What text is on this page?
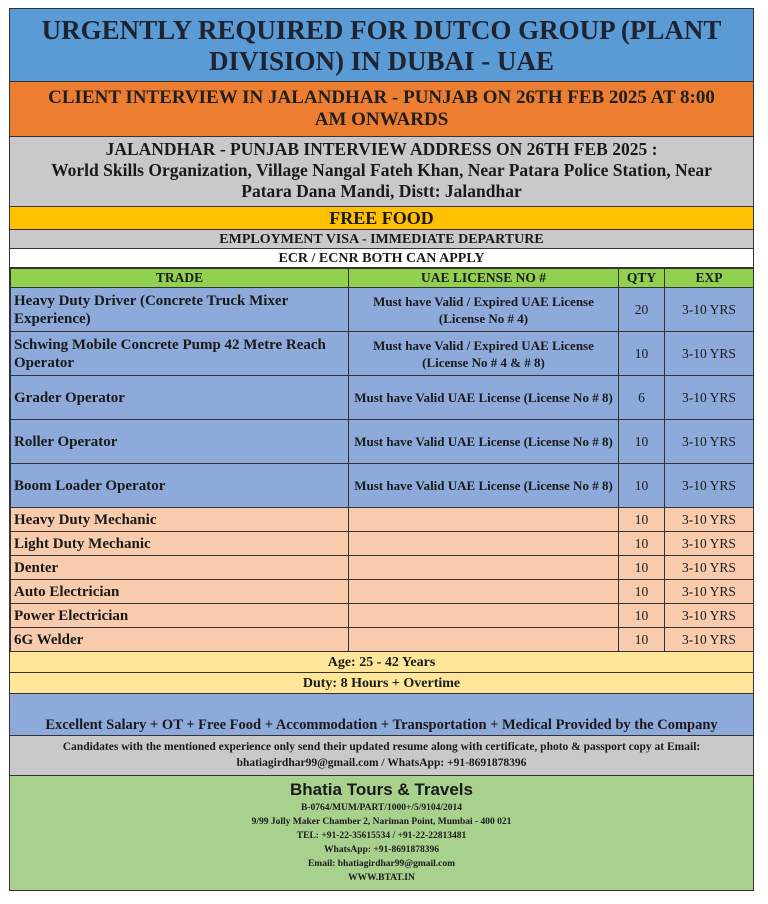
URGENTLY REQUIRED FOR DUTCO GROUP (PLANT
DIVISION) IN DUBAI - UAE
CLIENT INTERVIEW IN JALANDHAR - PUNJAB ON 26TH FEB 2025 AT 8:00
AM ONWARDS
JALANDHAR - PUNJAB INTERVIEW ADDRESS ON 26TH FEB 2025 :
World Skills Organization, Village Nangal Fateh Khan, Near Patara Police Station, Near
Patara Dana Mandi, Distt: Jalandhar
FREE FOOD
EMPLOYMENT VISA - IMMEDIATE DEPARTURE
ECR / ECNR BOTH CAN APPLY
TRADE	UAE LICENSE NO #	QTY	EXP
Heavy Duty Driver (Concrete Truck Mixer Experience)	Must have Valid / Expired UAE License (License No # 4)	20	3-10 YRS
Schwing Mobile Concrete Pump 42 Metre Reach Operator	Must have Valid / Expired UAE License (License No # 4 & # 8)	10	3-10 YRS
Grader Operator	Must have Valid UAE License (License No # 8)	6	3-10 YRS
Roller Operator	Must have Valid UAE License (License No # 8)	10	3-10 YRS
Boom Loader Operator	Must have Valid UAE License (License No # 8)	10	3-10 YRS
Heavy Duty Mechanic		10	3-10 YRS
Light Duty Mechanic		10	3-10 YRS
Denter		10	3-10 YRS
Auto Electrician		10	3-10 YRS
Power Electrician		10	3-10 YRS
6G Welder		10	3-10 YRS
Age: 25 - 42 Years
Duty: 8 Hours + Overtime
Excellent Salary + OT + Free Food + Accommodation + Transportation + Medical Provided by the Company
Candidates with the mentioned experience only send their updated resume along with certificate, photo & passport copy at Email:
bhatiagirdhar99@gmail.com / WhatsApp: +91-8691878396
Bhatia Tours & Travels
B-0764/MUM/PART/1000+/5/9104/2014
9/99 Jolly Maker Chamber 2, Nariman Point, Mumbai - 400 021
TEL: +91-22-35615534 / +91-22-22813481
WhatsApp: +91-8691878396
Email: bhatiagirdhar99@gmail.com
WWW.BTAT.IN
